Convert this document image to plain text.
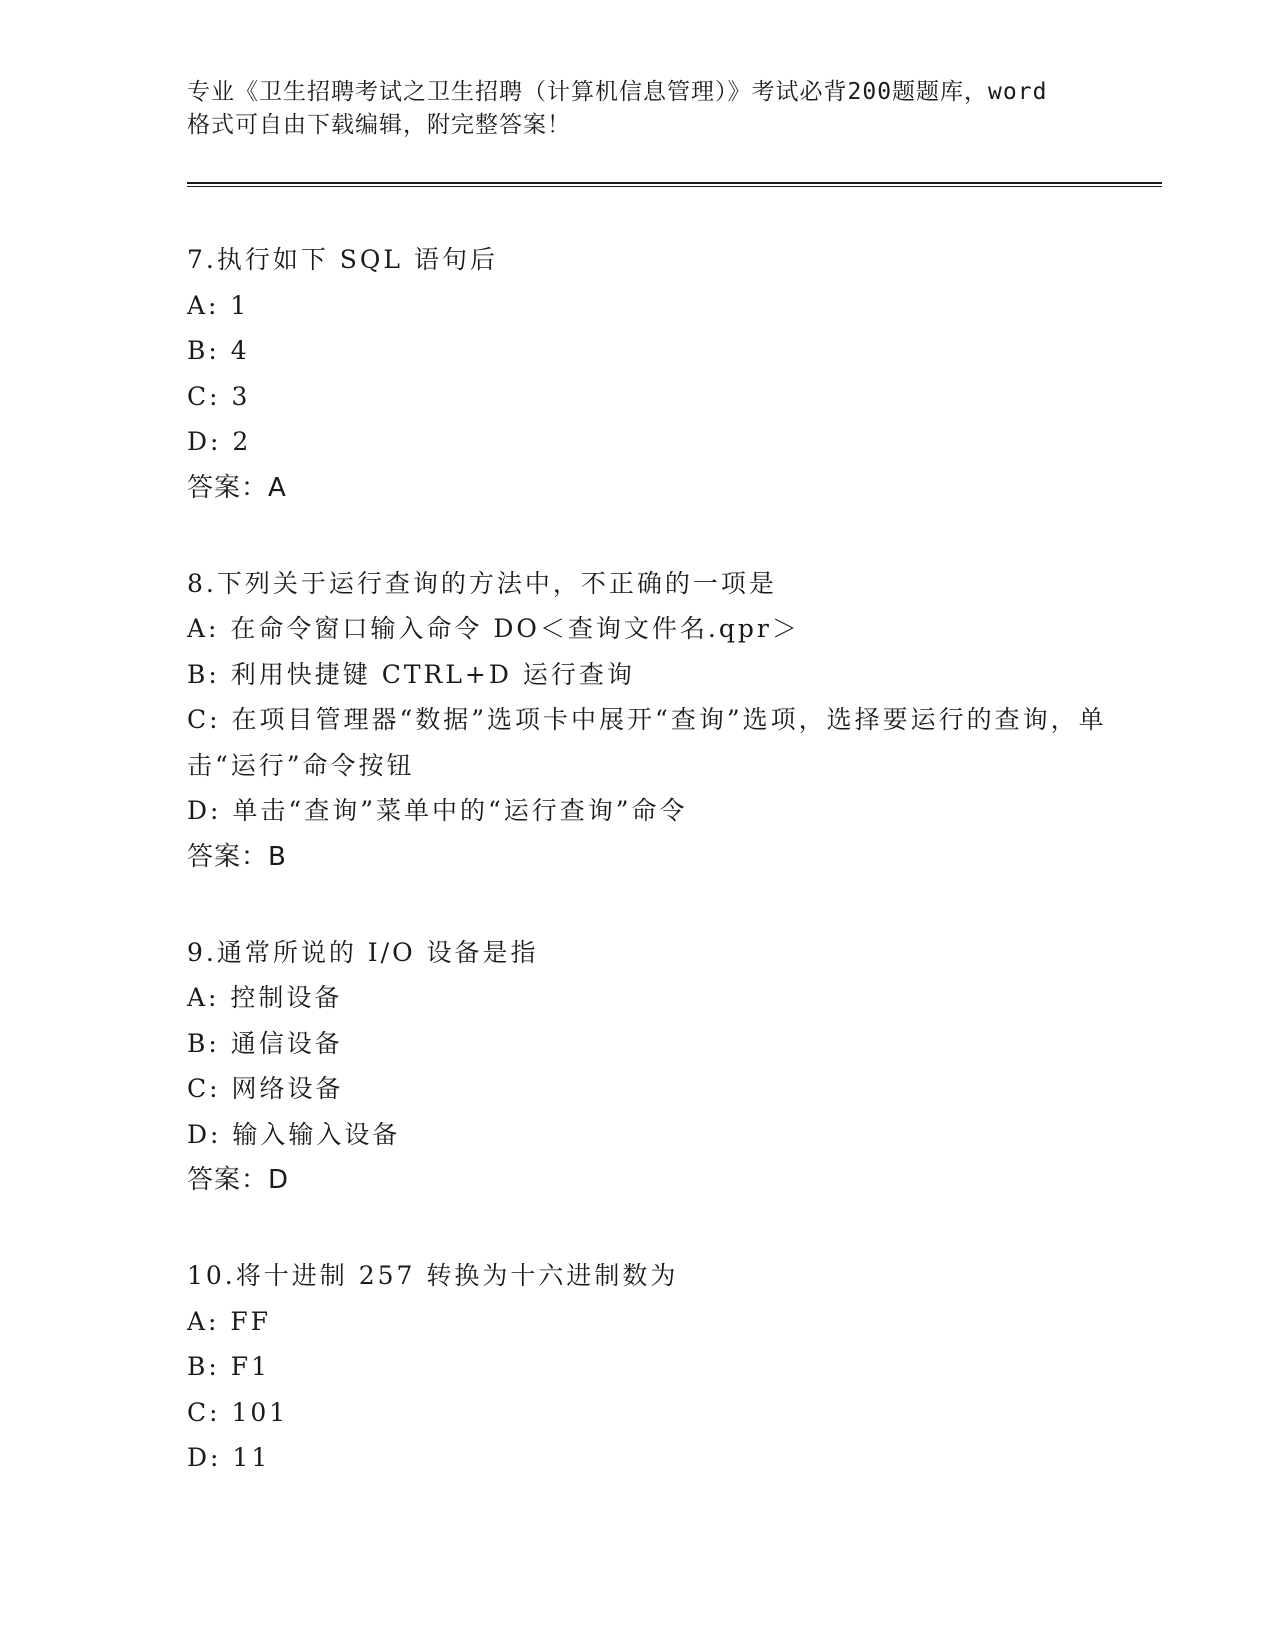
专业《卫生招聘考试之卫生招聘（计算机信息管理）》考试必背200题题库，word

格式可自由下载编辑，附完整答案！

7.执行如下 SQL 语句后

A: 1

B: 4

C: 3

D: 2

答案：A

8.下列关于运行查询的方法中，不正确的一项是

A: 在命令窗口输入命令 DO＜查询文件名.qpr＞

B: 利用快捷键 CTRL+D 运行查询

C: 在项目管理器“数据”选项卡中展开“查询”选项，选择要运行的查询，单击“运行”命令按钮

D: 单击“查询”菜单中的“运行查询”命令

答案：B

9.通常所说的 I/O 设备是指

A: 控制设备

B: 通信设备

C: 网络设备

D: 输入输入设备

答案：D

10.将十进制 257 转换为十六进制数为

A: FF

B: F1

C: 101

D: 11
